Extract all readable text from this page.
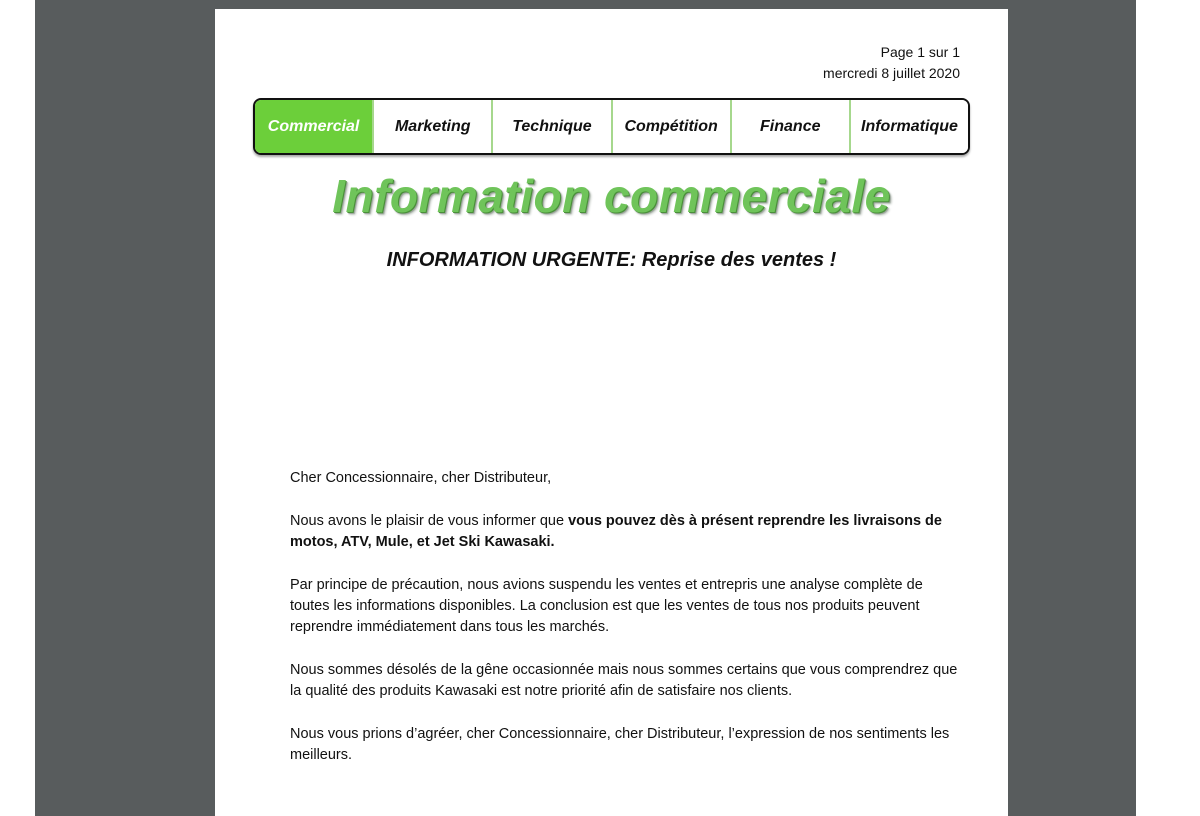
Page 1 sur 1
mercredi 8 juillet 2020
Commercial	Marketing	Technique	Compétition	Finance	Informatique
Information commerciale
INFORMATION URGENTE: Reprise des ventes !

Cher Concessionnaire, cher Distributeur,

Nous avons le plaisir de vous informer que vous pouvez dès à présent reprendre les livraisons de motos, ATV, Mule, et Jet Ski Kawasaki.

Par principe de précaution, nous avions suspendu les ventes et entrepris une analyse complète de toutes les informations disponibles. La conclusion est que les ventes de tous nos produits peuvent reprendre immédiatement dans tous les marchés.

Nous sommes désolés de la gêne occasionnée mais nous sommes certains que vous comprendrez que la qualité des produits Kawasaki est notre priorité afin de satisfaire nos clients.

Nous vous prions d’agréer, cher Concessionnaire, cher Distributeur, l’expression de nos sentiments les meilleurs.
